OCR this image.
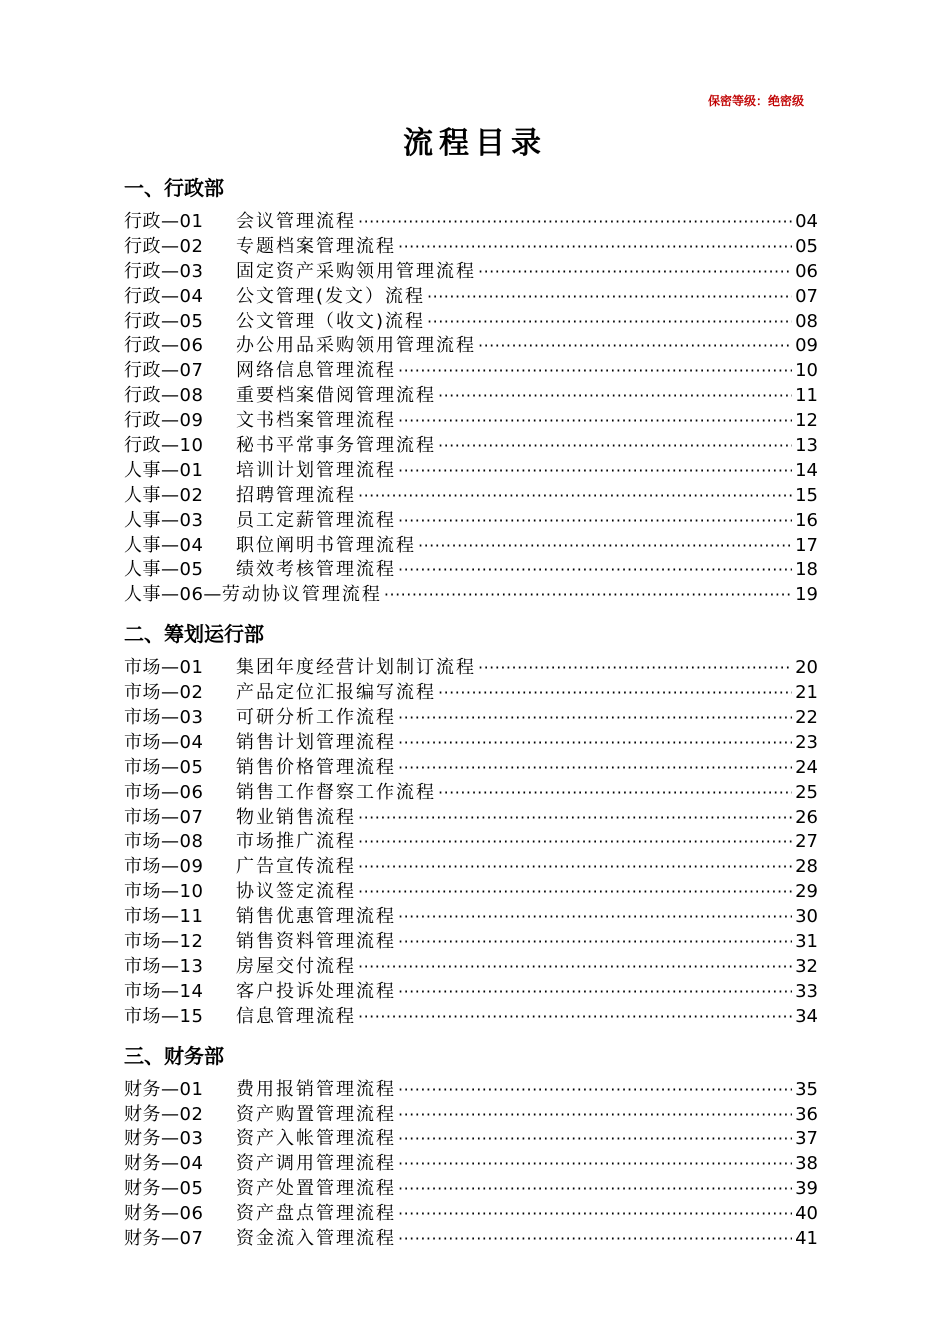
保密等级：绝密级
流程目录
一、行政部
行政—01	会议管理流程 ·····	04
行政—02	专题档案管理流程 ·····	05
行政—03	固定资产采购领用管理流程 ·····	06
行政—04	公文管理(发文）流程 ·····	07
行政—05	公文管理（收文)流程 ·····	08
行政—06	办公用品采购领用管理流程 ·····	09
行政—07	网络信息管理流程 ·····	10
行政—08	重要档案借阅管理流程 ·····	11
行政—09	文书档案管理流程 ·····	12
行政—10	秘书平常事务管理流程 ·····	13
人事—01	培训计划管理流程 ·····	14
人事—02	招聘管理流程 ·····	15
人事—03	员工定薪管理流程 ·····	16
人事—04	职位阐明书管理流程 ·····	17
人事—05	绩效考核管理流程 ·····	18
人事—06— 劳动协议管理流程 ·····	19
二、筹划运行部
市场—01	集团年度经营计划制订流程 ·····	20
市场—02	产品定位汇报编写流程 ·····	21
市场—03	可研分析工作流程 ·····	22
市场—04	销售计划管理流程 ·····	23
市场—05	销售价格管理流程 ·····	24
市场—06	销售工作督察工作流程 ·····	25
市场—07	物业销售流程 ·····	26
市场—08	市场推广流程 ·····	27
市场—09	广告宣传流程 ·····	28
市场—10	协议签定流程 ·····	29
市场—11	销售优惠管理流程 ·····	30
市场—12	销售资料管理流程 ·····	31
市场—13	房屋交付流程 ·····	32
市场—14	客户投诉处理流程 ·····	33
市场—15	信息管理流程 ·····	34
三、财务部
财务—01	费用报销管理流程 ·····	35
财务—02	资产购置管理流程 ·····	36
财务—03	资产入帐管理流程 ·····	37
财务—04	资产调用管理流程 ·····	38
财务—05	资产处置管理流程 ·····	39
财务—06	资产盘点管理流程 ·····	40
财务—07	资金流入管理流程 ·····	41
